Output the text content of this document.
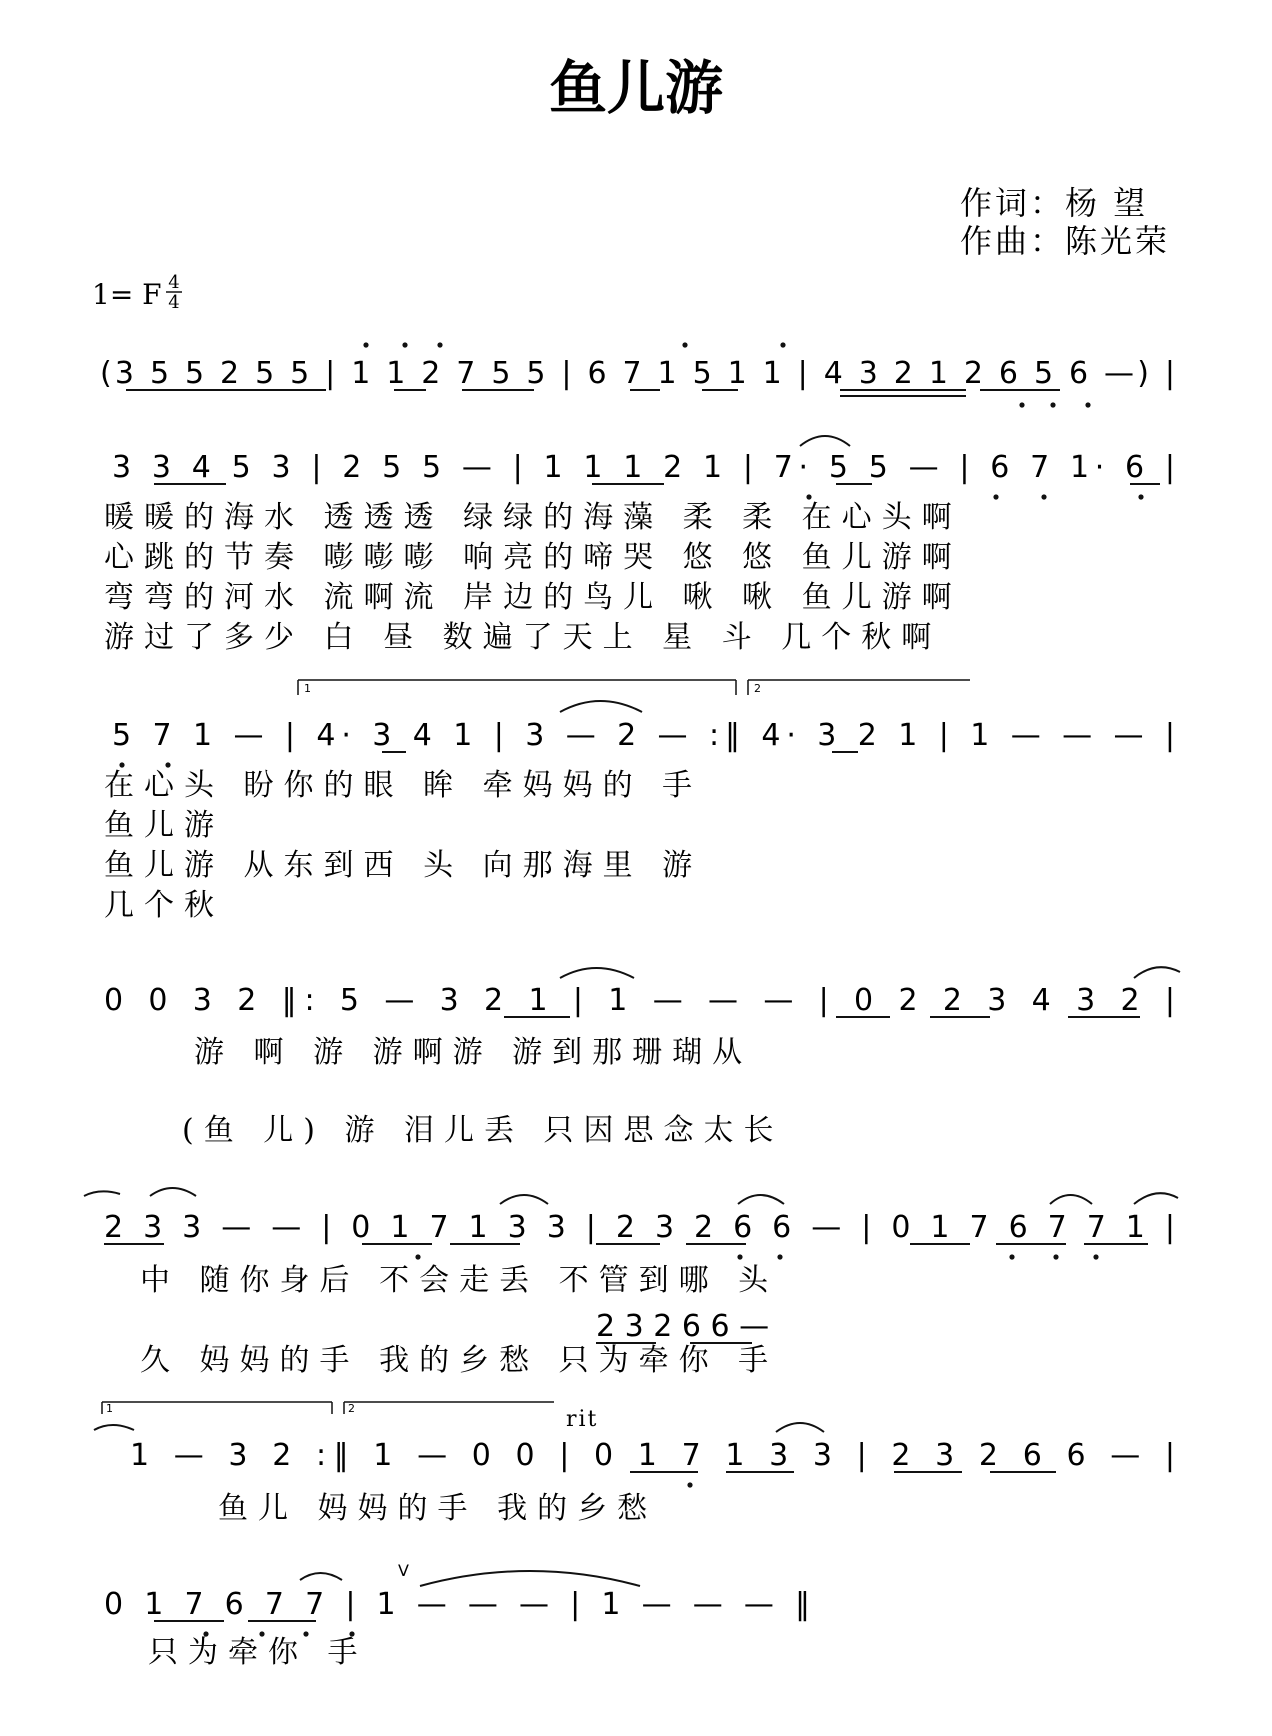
鱼儿游
作词：杨 望
作曲：陈光荣
1= F 4
4
(3 5 5 2 5 5 | 1 1 2 7 5 5 | 6 7 1 5 1 1 | 4 3 2 1 2 6 5 6 —) |
3 3 4 5 3 | 2 5 5 — | 1 1 1 2 1 | 7· 5 5 — | 6 7 1· 6 |
暖暖的海水 透透透 绿绿的海藻 柔 柔 在心头啊
心跳的节奏 嘭嘭嘭 响亮的啼哭 悠 悠 鱼儿游啊
弯弯的河水 流啊流 岸边的鸟儿 啾 啾 鱼儿游啊
游过了多少 白 昼 数遍了天上 星 斗 几个秋啊
1	2
5 7 1 — | 4· 3 4 1 | 3 — 2 — :‖ 4· 3 2 1 | 1 — — — |
在心头 盼你的眼 眸 牵妈妈的 手
鱼儿游
鱼儿游 从东到西 头 向那海里 游
几个秋
0 0 3 2 ‖: 5 — 3 2 1 | 1 — — — | 0 2 2 3 4 3 2 |
游 啊 游 游啊游 游到那珊瑚从
(鱼 儿) 游 泪儿丢 只因思念太长
2 3 3 — — | 0 1 7 1 3 3 | 2 3 2 6 6 — | 0 1 7 6 7 7 1 |
中 随你身后 不会走丢 不管到哪 头
2 3 2 6 6 —
久 妈妈的手 我的乡愁 只为牵你 手
1	2	rit
1 — 3 2 :‖ 1 — 0 0 | 0 1 7 1 3 3 | 2 3 2 6 6 — |
鱼儿 妈妈的手 我的乡愁
V
0 1 7 6 7 7 | 1 — — — | 1 — — — ‖
只为牵你 手
